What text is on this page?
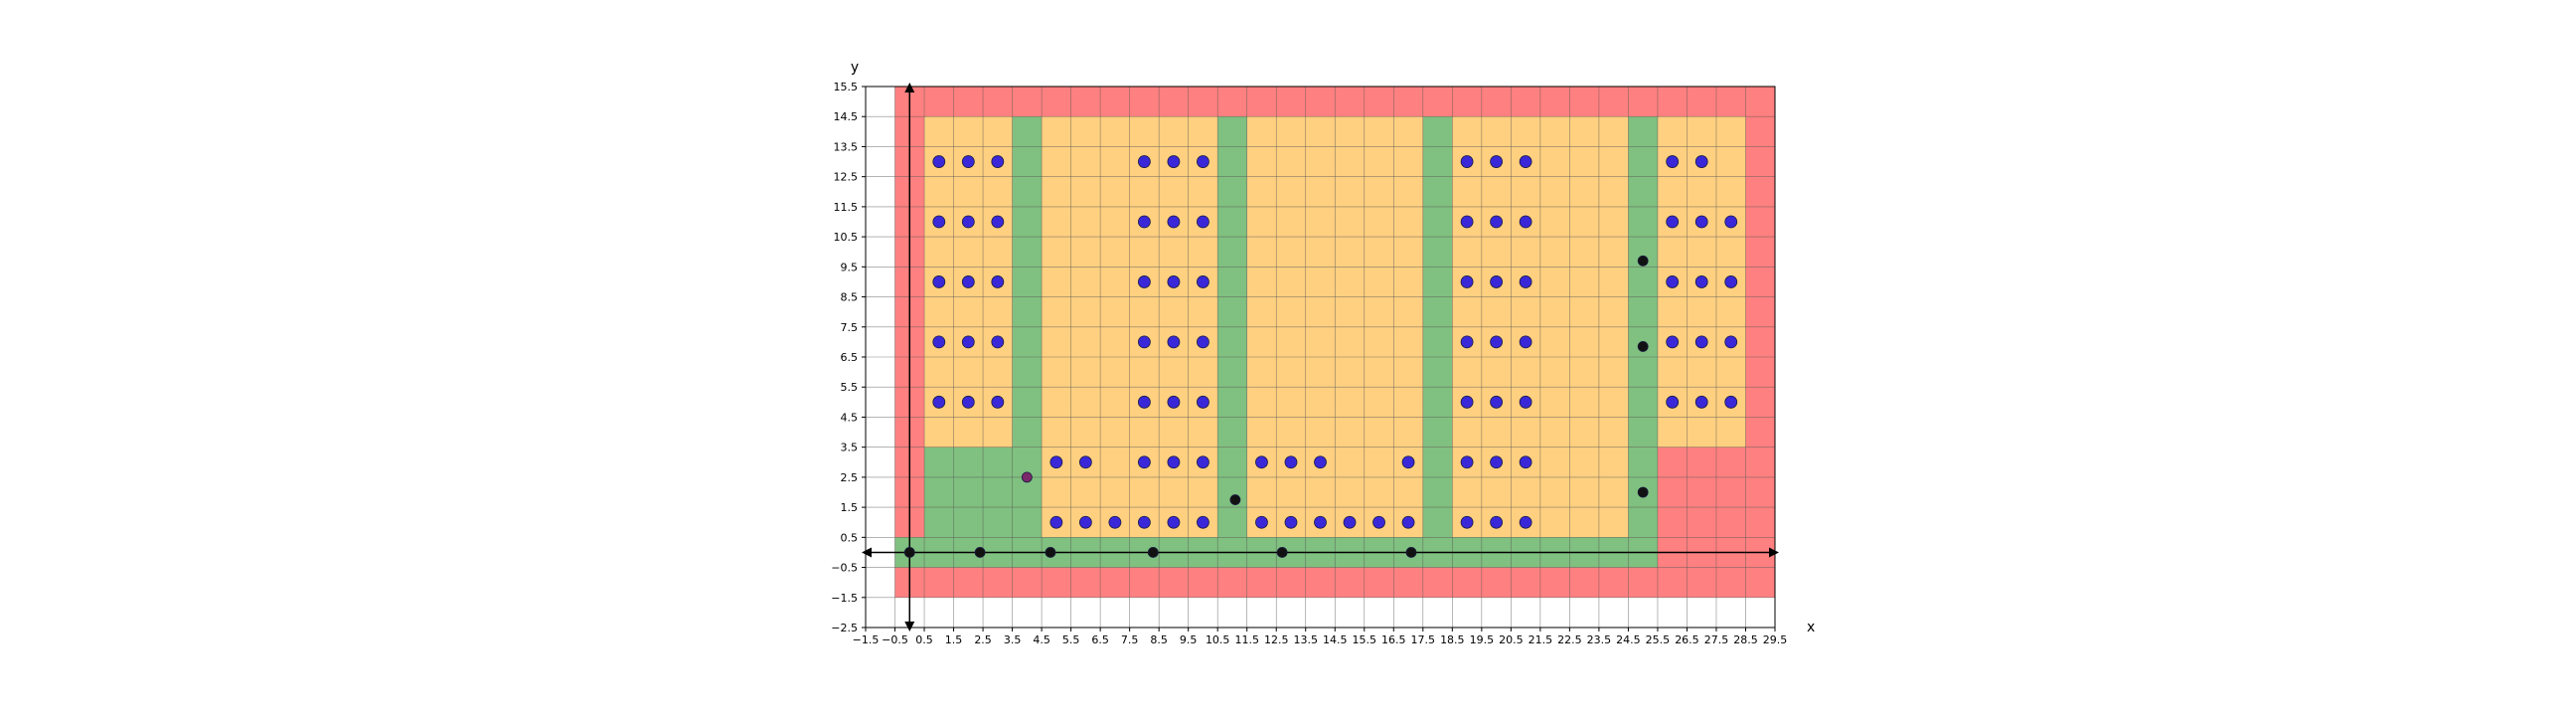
−1.5 −0.5 0.5 1.5 2.5 3.5 4.5 5.5 6.5 7.5 8.5 9.5 10.5 11.5 12.5 13.5 14.5 15.5 16.5 17.5 18.5 19.5 20.5 21.5 22.5 23.5 24.5 25.5 26.5 27.5 28.5 29.5
−2.5
−1.5
−0.5
0.5
1.5
2.5
3.5
4.5
5.5
6.5
7.5
8.5
9.5
10.5
11.5
12.5
13.5
14.5
15.5
x
y
